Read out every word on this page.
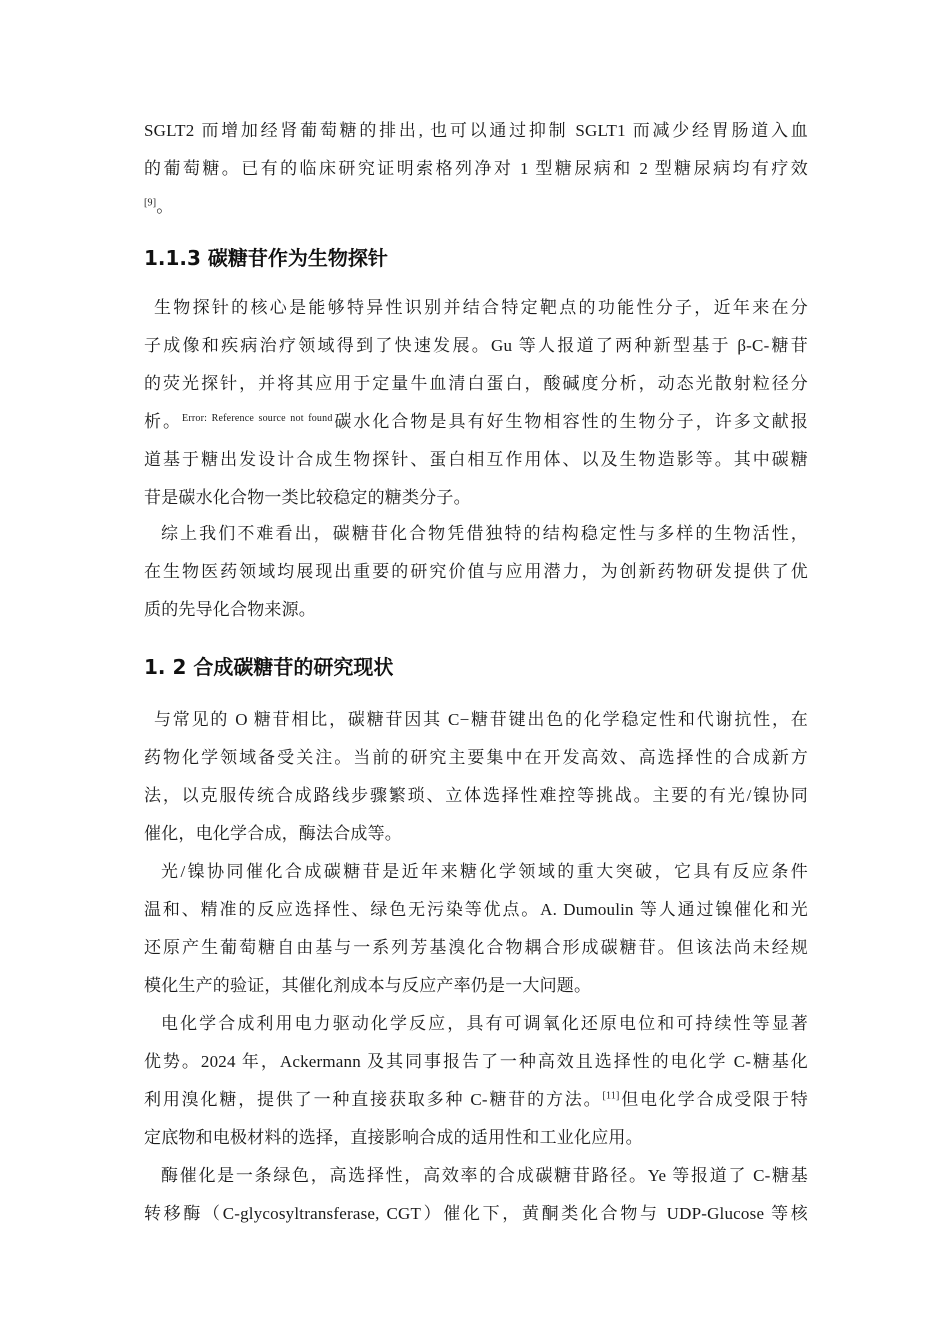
SGLT2 而增加经肾葡萄糖的排出, 也可以通过抑制 SGLT1 而减少经胃肠道入血
的葡萄糖。已有的临床研究证明索格列净对 1 型糖尿病和 2 型糖尿病均有疗效
[9]。
1.1.3 碳糖苷作为生物探针
生物探针的核心是能够特异性识别并结合特定靶点的功能性分子，近年来在分
子成像和疾病治疗领域得到了快速发展。Gu 等人报道了两种新型基于 β-C-糖苷
的荧光探针，并将其应用于定量牛血清白蛋白，酸碱度分析，动态光散射粒径分
析。$^{Error: Reference source not found}$碳水化合物是具有好生物相容性的生物分子，许多文献报
道基于糖出发设计合成生物探针、蛋白相互作用体、以及生物造影等。其中碳糖
苷是碳水化合物一类比较稳定的糖类分子。
综上我们不难看出，碳糖苷化合物凭借独特的结构稳定性与多样的生物活性，
在生物医药领域均展现出重要的研究价值与应用潜力，为创新药物研发提供了优
质的先导化合物来源。
1. 2 合成碳糖苷的研究现状
与常见的 O 糖苷相比，碳糖苷因其 C−糖苷键出色的化学稳定性和代谢抗性，在
药物化学领域备受关注。当前的研究主要集中在开发高效、高选择性的合成新方
法，以克服传统合成路线步骤繁琐、立体选择性难控等挑战。主要的有光/镍协同
催化，电化学合成，酶法合成等。
光/镍协同催化合成碳糖苷是近年来糖化学领域的重大突破，它具有反应条件
温和、精准的反应选择性、绿色无污染等优点。A. Dumoulin 等人通过镍催化和光
还原产生葡萄糖自由基与一系列芳基溴化合物耦合形成碳糖苷。但该法尚未经规
模化生产的验证，其催化剂成本与反应产率仍是一大问题。
电化学合成利用电力驱动化学反应，具有可调氧化还原电位和可持续性等显著
优势。2024 年，Ackermann 及其同事报告了一种高效且选择性的电化学 C-糖基化
利用溴化糖，提供了一种直接获取多种 C-糖苷的方法。[11]但电化学合成受限于特
定底物和电极材料的选择，直接影响合成的适用性和工业化应用。
酶催化是一条绿色，高选择性，高效率的合成碳糖苷路径。Ye 等报道了 C-糖基
转移酶（C-glycosyltransferase, CGT）催化下，黄酮类化合物与 UDP-Glucose 等核
